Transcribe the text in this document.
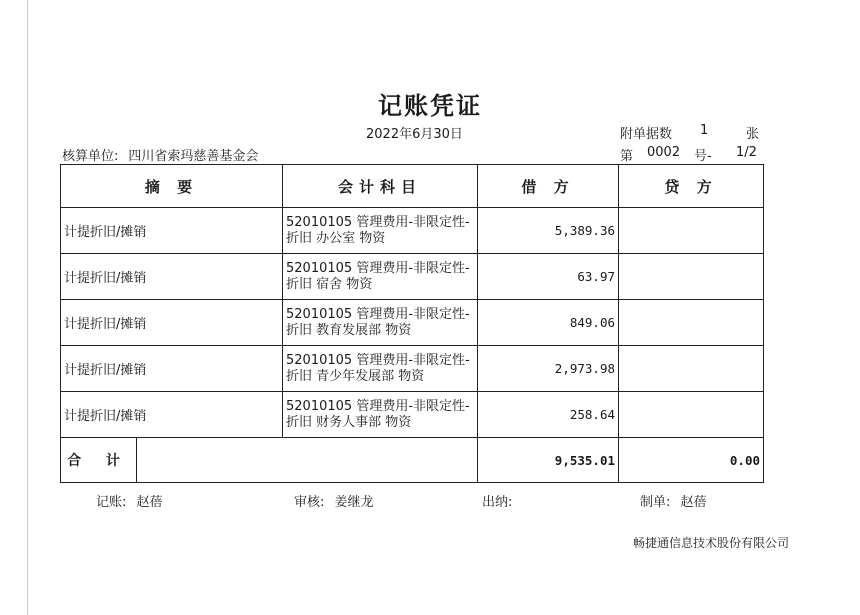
记账凭证
2022年6月30日
核算单位: 四川省索玛慈善基金会
附单据数 1	张
第 0002 号- 1/2
摘 要		会计科目	借 方	贷 方
计提折旧/摊销		52010105 管理费用-非限定性-
折旧 办公室 物资	5,389.36	
计提折旧/摊销		52010105 管理费用-非限定性-
折旧 宿舍 物资	63.97	
计提折旧/摊销		52010105 管理费用-非限定性-
折旧 教育发展部 物资	849.06	
计提折旧/摊销		52010105 管理费用-非限定性-
折旧 青少年发展部 物资	2,973.98	
计提折旧/摊销		52010105 管理费用-非限定性-
折旧 财务人事部 物资	258.64	
合 计			9,535.01	0.00
记账: 赵蓓	审核: 姜继龙	出纳:	制单: 赵蓓
畅捷通信息技术股份有限公司
